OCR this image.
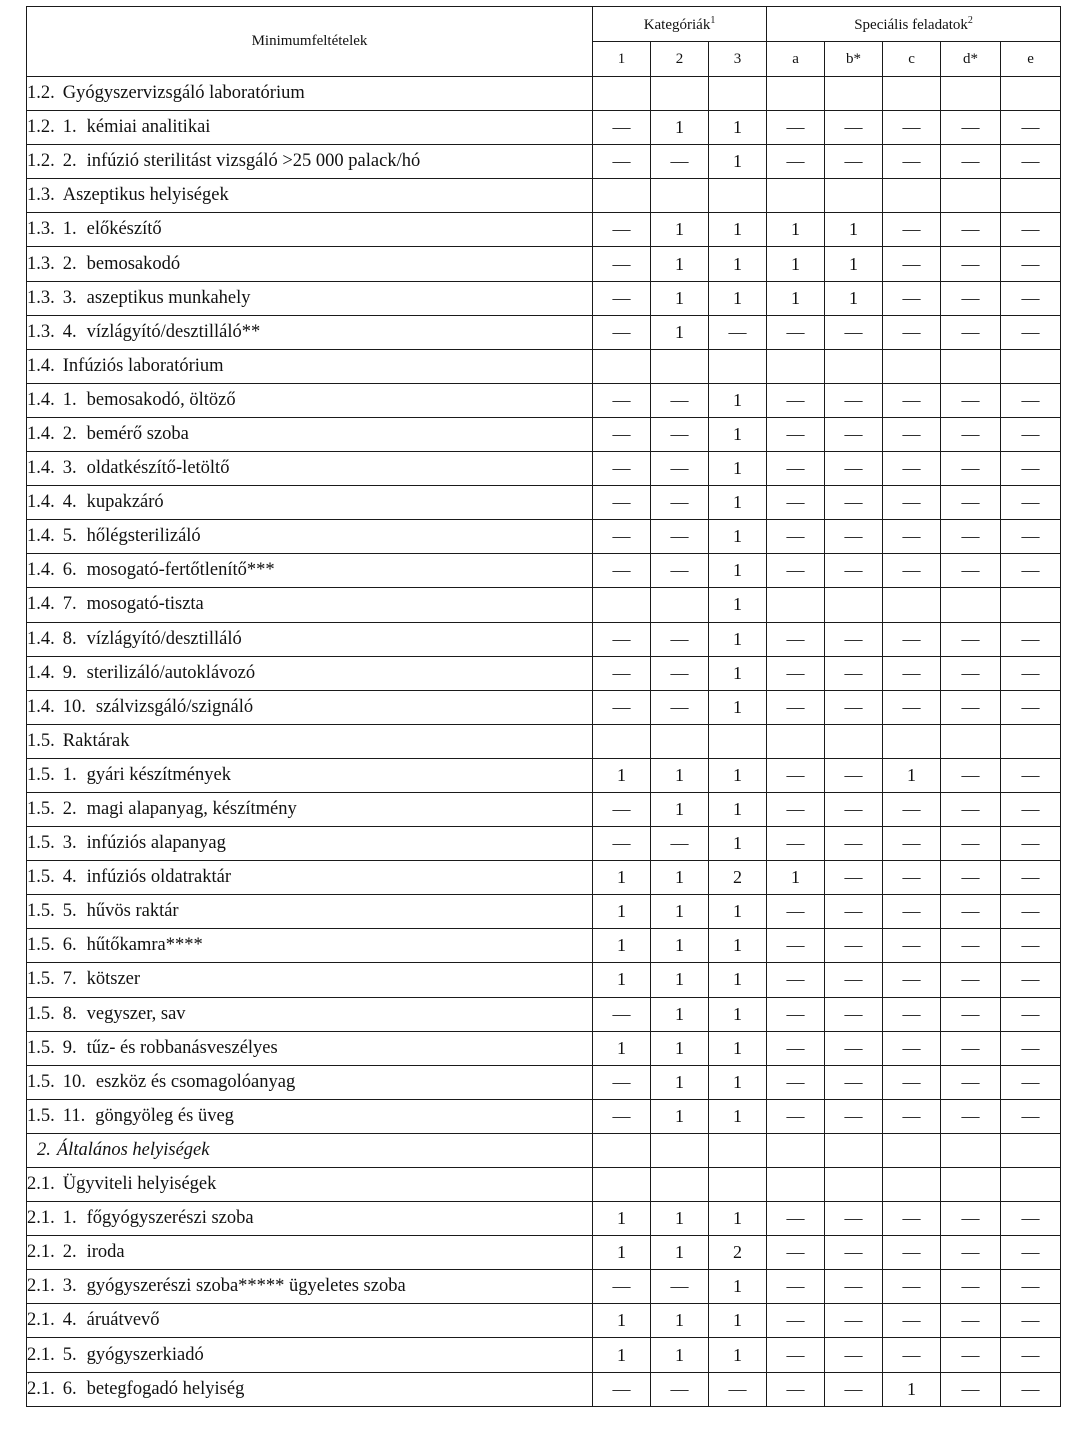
Minimumfeltételek	Kategóriák$^1$			Speciális feladatok$^2$
	1	2	3	a	b*	c	d*	e
1.2. Gyógyszervizsgáló laboratórium								
1.2. 1. kémiai analitikai	—	1	1	—	—	—	—	—
1.2. 2. infúzió sterilitást vizsgáló >25 000 palack/hó	—	—	1	—	—	—	—	—
1.3. Aszeptikus helyiségek								
1.3. 1. előkészítő	—	1	1	1	1	—	—	—
1.3. 2. bemosakodó	—	1	1	1	1	—	—	—
1.3. 3. aszeptikus munkahely	—	1	1	1	1	—	—	—
1.3. 4. vízlágyító/desztilláló**	—	1	—	—	—	—	—	—
1.4. Infúziós laboratórium								
1.4. 1. bemosakodó, öltöző	—	—	1	—	—	—	—	—
1.4. 2. bemérő szoba	—	—	1	—	—	—	—	—
1.4. 3. oldatkészítő-letöltő	—	—	1	—	—	—	—	—
1.4. 4. kupakzáró	—	—	1	—	—	—	—	—
1.4. 5. hőlégsterilizáló	—	—	1	—	—	—	—	—
1.4. 6. mosogató-fertőtlenítő***	—	—	1	—	—	—	—	—
1.4. 7. mosogató-tiszta			1					
1.4. 8. vízlágyító/desztilláló	—	—	1	—	—	—	—	—
1.4. 9. sterilizáló/autoklávozó	—	—	1	—	—	—	—	—
1.4. 10. szálvizsgáló/szignáló	—	—	1	—	—	—	—	—
1.5. Raktárak								
1.5. 1. gyári készítmények	1	1	1	—	—	1	—	—
1.5. 2. magi alapanyag, készítmény	—	1	1	—	—	—	—	—
1.5. 3. infúziós alapanyag	—	—	1	—	—	—	—	—
1.5. 4. infúziós oldatraktár	1	1	2	1	—	—	—	—
1.5. 5. hűvös raktár	1	1	1	—	—	—	—	—
1.5. 6. hűtőkamra****	1	1	1	—	—	—	—	—
1.5. 7. kötszer	1	1	1	—	—	—	—	—
1.5. 8. vegyszer, sav	—	1	1	—	—	—	—	—
1.5. 9. tűz- és robbanásveszélyes	1	1	1	—	—	—	—	—
1.5. 10. eszköz és csomagolóanyag	—	1	1	—	—	—	—	—
1.5. 11. göngyöleg és üveg	—	1	1	—	—	—	—	—
2. Általános helyiségek								
2.1. Ügyviteli helyiségek								
2.1. 1. főgyógyszerészi szoba	1	1	1	—	—	—	—	—
2.1. 2. iroda	1	1	2	—	—	—	—	—
2.1. 3. gyógyszerészi szoba***** ügyeletes szoba	—	—	1	—	—	—	—	—
2.1. 4. áruátvevő	1	1	1	—	—	—	—	—
2.1. 5. gyógyszerkiadó	1	1	1	—	—	—	—	—
2.1. 6. betegfogadó helyiség	—	—	—	—	—	1	—	—
